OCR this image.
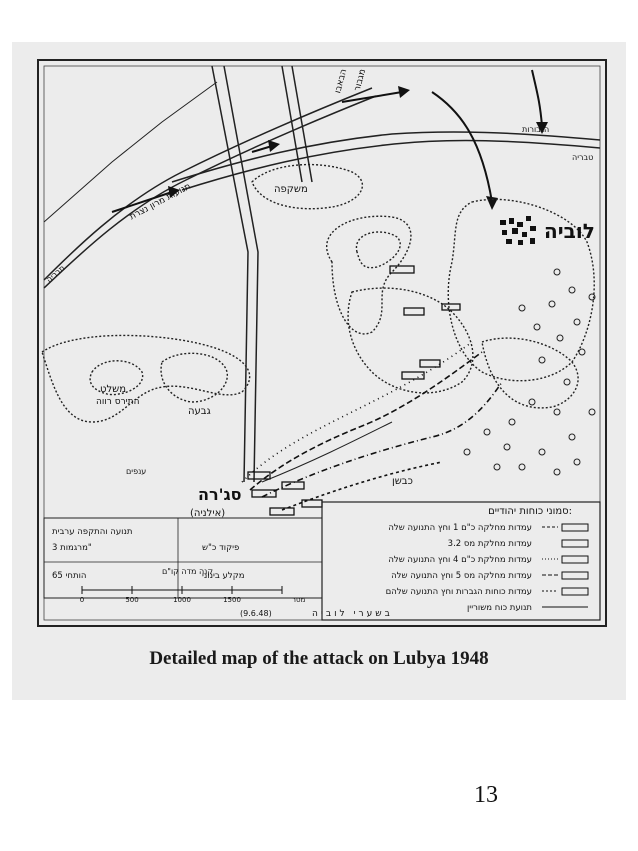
לוביה
סג'רה
(אילניה)
כבשן
גבעה
משלט
התירס רווה
משקפה
ענפים
מגבור
הבאבו
תבריה
טבריה
תנועות מרון נצרת
הגבורות
סמוני כוחות יהודיים:
עמדות מחלקה כ"ם 1 וחץ התנועה שלה
עמדות מחלקת מס 3.2
עמדות מחלקת כ"ם 4 וחץ התנועה שלה
עמדות מחלקה מס 5 וחץ התנועה שלה
עמדות כוחות הגברות וחץ התנועה שלהם
תנועת כוח משוריין
תנועה והתקפה ערבית
פיקוד כ"ש
מרגמות 3"
מקלע בינוני
הותחי 65	קנה מדה קו"ם
0	500	1000	1500	מטר
(9.6.48)	בשערי לוביה
Detailed map of the attack on Lubya 1948
13
